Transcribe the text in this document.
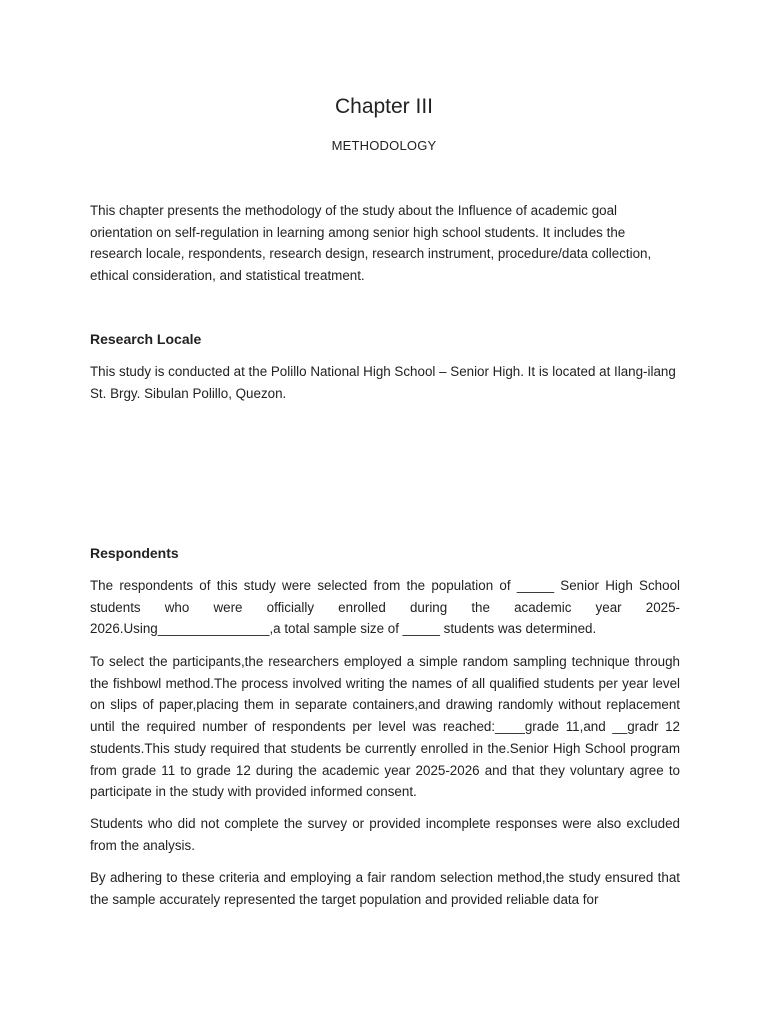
Chapter III
METHODOLOGY

This chapter presents the methodology of the study about the Influence of academic goal orientation on self-regulation in learning among senior high school students. It includes the research locale, respondents, research design, research instrument, procedure/data collection, ethical consideration, and statistical treatment.

Research Locale

This study is conducted at the Polillo National High School – Senior High. It is located at Ilang-ilang St. Brgy. Sibulan Polillo, Quezon.

Respondents

The respondents of this study were selected from the population of _____ Senior High School students who were officially enrolled during the academic year 2025-2026.Using_______________,a total sample size of _____ students was determined.

To select the participants,the researchers employed a simple random sampling technique through the fishbowl method.The process involved writing the names of all qualified students per year level on slips of paper,placing them in separate containers,and drawing randomly without replacement until the required number of respondents per level was reached:____grade 11,and __gradr 12 students.This study required that students be currently enrolled in the.Senior High School program from grade 11 to grade 12 during the academic year 2025-2026 and that they voluntary agree to participate in the study with provided informed consent.

Students who did not complete the survey or provided incomplete responses were also excluded from the analysis.

By adhering to these criteria and employing a fair random selection method,the study ensured that the sample accurately represented the target population and provided reliable data for
